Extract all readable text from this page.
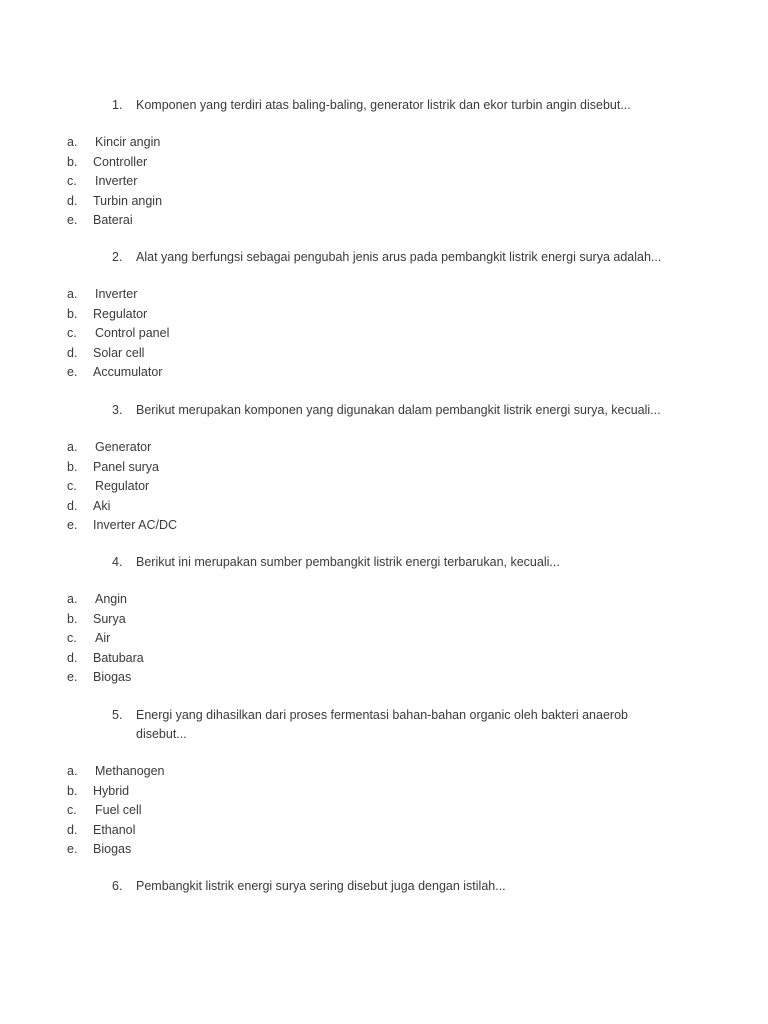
1.	Komponen yang terdiri atas baling-baling, generator listrik dan ekor turbin angin disebut...
a.	Kincir angin
b.	Controller
c.	Inverter
d.	Turbin angin
e.	Baterai
2.	Alat yang berfungsi sebagai pengubah jenis arus pada pembangkit listrik energi surya adalah...
a.	Inverter
b.	Regulator
c.	Control panel
d.	Solar cell
e.	Accumulator
3.	Berikut merupakan komponen yang digunakan dalam pembangkit listrik energi surya, kecuali...
a.	Generator
b.	Panel surya
c.	Regulator
d.	Aki
e.	Inverter AC/DC
4.	Berikut ini merupakan sumber pembangkit listrik energi terbarukan, kecuali...
a.	Angin
b.	Surya
c.	Air
d.	Batubara
e.	Biogas
5.	Energi yang dihasilkan dari proses fermentasi bahan-bahan organic oleh bakteri anaerob disebut...
a.	Methanogen
b.	Hybrid
c.	Fuel cell
d.	Ethanol
e.	Biogas
6.	Pembangkit listrik energi surya sering disebut juga dengan istilah...
